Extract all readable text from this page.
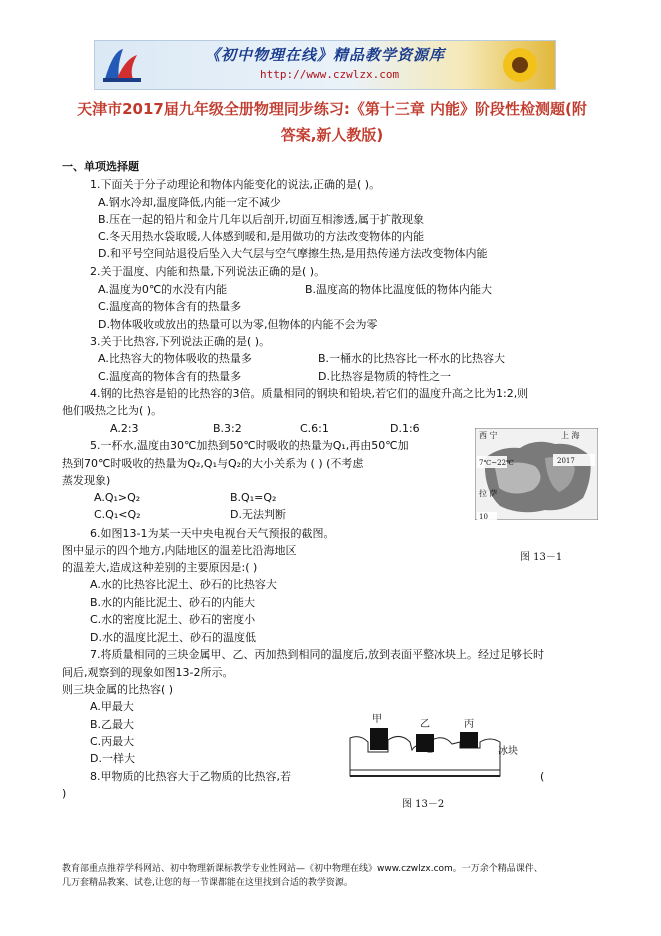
《初中物理在线》精品教学资源库
http://www.czwlzx.com
天津市2017届九年级全册物理同步练习:《第十三章 内能》阶段性检测题(附
答案,新人教版)
一、单项选择题
1.下面关于分子动理论和物体内能变化的说法,正确的是( )。
A.钢水冷却,温度降低,内能一定不减少
B.压在一起的铅片和金片几年以后剖开,切面互相渗透,属于扩散现象
C.冬天用热水袋取暖,人体感到暖和,是用做功的方法改变物体的内能
D.和平号空间站退役后坠入大气层与空气摩擦生热,是用热传递方法改变物体内能
2.关于温度、内能和热量,下列说法正确的是( )。
A.温度为0℃的水没有内能	B.温度高的物体比温度低的物体内能大
C.温度高的物体含有的热量多
D.物体吸收或放出的热量可以为零,但物体的内能不会为零
3.关于比热容,下列说法正确的是( )。
A.比热容大的物体吸收的热量多	B.一桶水的比热容比一杯水的比热容大
C.温度高的物体含有的热量多	D.比热容是物质的特性之一
4.钢的比热容是铅的比热容的3倍。质量相同的钢块和铅块,若它们的温度升高之比为1:2,则
他们吸热之比为( )。
A.2:3	B.3:2	C.6:1	D.1:6
5.一杯水,温度由30℃加热到50℃时吸收的热量为Q₁,再由50℃加
热到70℃时吸收的热量为Q₂,Q₁与Q₂的大小关系为 ( ) (不考虑
蒸发现象)
A.Q₁>Q₂	B.Q₁=Q₂
C.Q₁<Q₂	D.无法判断
西 宁	上 海
7℃~22℃	2017
拉 萨
10
图 13－1
6.如图13-1为某一天中央电视台天气预报的截图。
图中显示的四个地方,内陆地区的温差比沿海地区
的温差大,造成这种差别的主要原因是:( )
A.水的比热容比泥土、砂石的比热容大
B.水的内能比泥土、砂石的内能大
C.水的密度比泥土、砂石的密度小
D.水的温度比泥土、砂石的温度低
7.将质量相同的三块金属甲、乙、丙加热到相同的温度后,放到表面平整冰块上。经过足够长时
间后,观察到的现象如图13-2所示。
则三块金属的比热容( )
A.甲最大
B.乙最大
C.丙最大
D.一样大
甲	乙	丙
冰块
图 13－2
8.甲物质的比热容大于乙物质的比热容,若	(
)
教育部重点推荐学科网站、初中物理新课标教学专业性网站—《初中物理在线》www.czwlzx.com。一万余个精品课件、
几万套精品教案、试卷,让您的每一节课都能在这里找到合适的教学资源。
